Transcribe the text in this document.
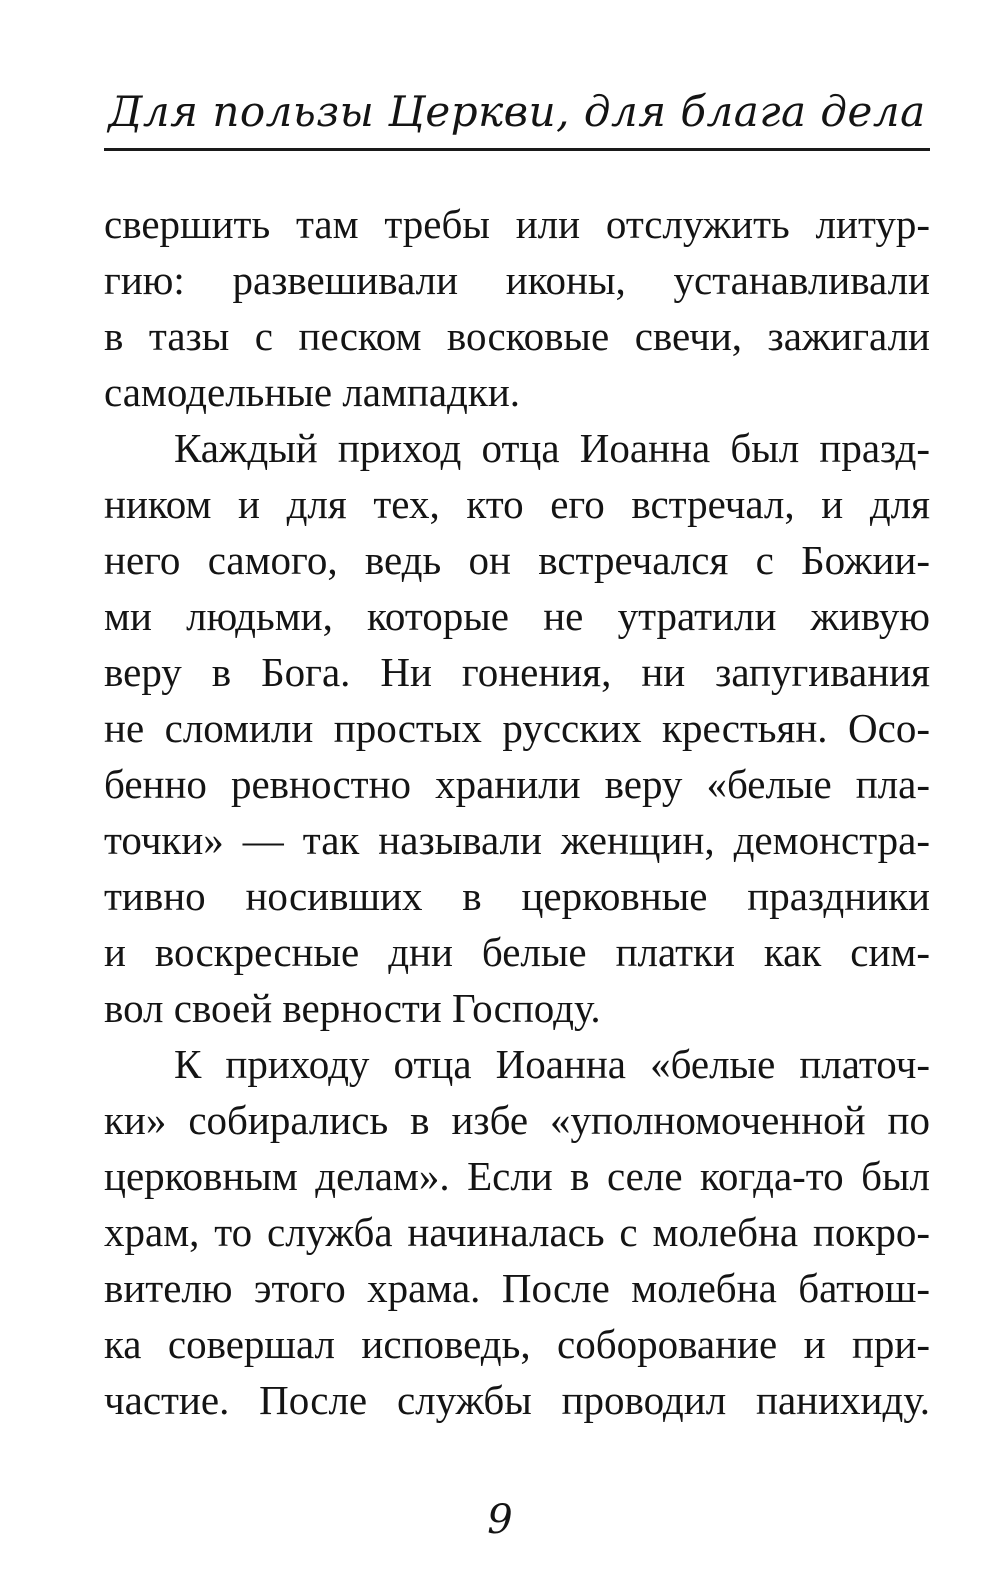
Для пользы Церкви, для блага дела
свершить там требы или отслужить литур-
гию: развешивали иконы, устанавливали
в тазы с песком восковые свечи, зажигали
самодельные лампадки.
Каждый приход отца Иоанна был празд-
ником и для тех, кто его встречал, и для
него самого, ведь он встречался с Божии-
ми людьми, которые не утратили живую
веру в Бога. Ни гонения, ни запугивания
не сломили простых русских крестьян. Осо-
бенно ревностно хранили веру «белые пла-
точки» — так называли женщин, демонстра-
тивно носивших в церковные праздники
и воскресные дни белые платки как сим-
вол своей верности Господу.
К приходу отца Иоанна «белые платоч-
ки» собирались в избе «уполномоченной по
церковным делам». Если в селе когда-то был
храм, то служба начиналась с молебна покро-
вителю этого храма. После молебна батюш-
ка совершал исповедь, соборование и при-
частие. После службы проводил панихиду.
9
